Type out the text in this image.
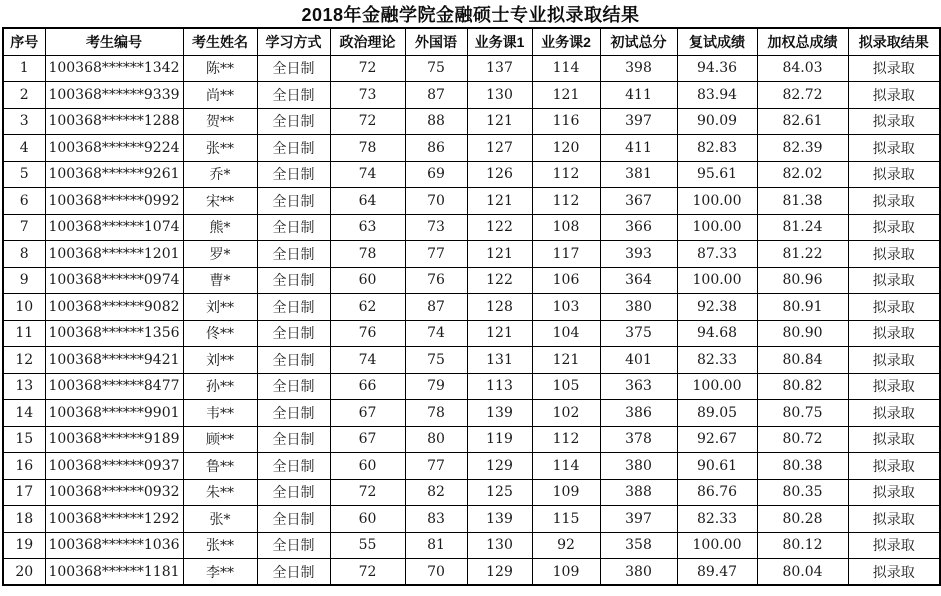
2018年金融学院金融硕士专业拟录取结果
序号	考生编号	考生姓名	学习方式	政治理论	外国语	业务课1	业务课2	初试总分	复试成绩	加权总成绩	拟录取结果
1	100368******1342	陈**	全日制	72	75	137	114	398	94.36	84.03	拟录取
2	100368******9339	尚**	全日制	73	87	130	121	411	83.94	82.72	拟录取
3	100368******1288	贺**	全日制	72	88	121	116	397	90.09	82.61	拟录取
4	100368******9224	张**	全日制	78	86	127	120	411	82.83	82.39	拟录取
5	100368******9261	乔*	全日制	74	69	126	112	381	95.61	82.02	拟录取
6	100368******0992	宋**	全日制	64	70	121	112	367	100.00	81.38	拟录取
7	100368******1074	熊*	全日制	63	73	122	108	366	100.00	81.24	拟录取
8	100368******1201	罗*	全日制	78	77	121	117	393	87.33	81.22	拟录取
9	100368******0974	曹*	全日制	60	76	122	106	364	100.00	80.96	拟录取
10	100368******9082	刘**	全日制	62	87	128	103	380	92.38	80.91	拟录取
11	100368******1356	佟**	全日制	76	74	121	104	375	94.68	80.90	拟录取
12	100368******9421	刘**	全日制	74	75	131	121	401	82.33	80.84	拟录取
13	100368******8477	孙**	全日制	66	79	113	105	363	100.00	80.82	拟录取
14	100368******9901	韦**	全日制	67	78	139	102	386	89.05	80.75	拟录取
15	100368******9189	顾**	全日制	67	80	119	112	378	92.67	80.72	拟录取
16	100368******0937	鲁**	全日制	60	77	129	114	380	90.61	80.38	拟录取
17	100368******0932	朱**	全日制	72	82	125	109	388	86.76	80.35	拟录取
18	100368******1292	张*	全日制	60	83	139	115	397	82.33	80.28	拟录取
19	100368******1036	张**	全日制	55	81	130	92	358	100.00	80.12	拟录取
20	100368******1181	李**	全日制	72	70	129	109	380	89.47	80.04	拟录取
